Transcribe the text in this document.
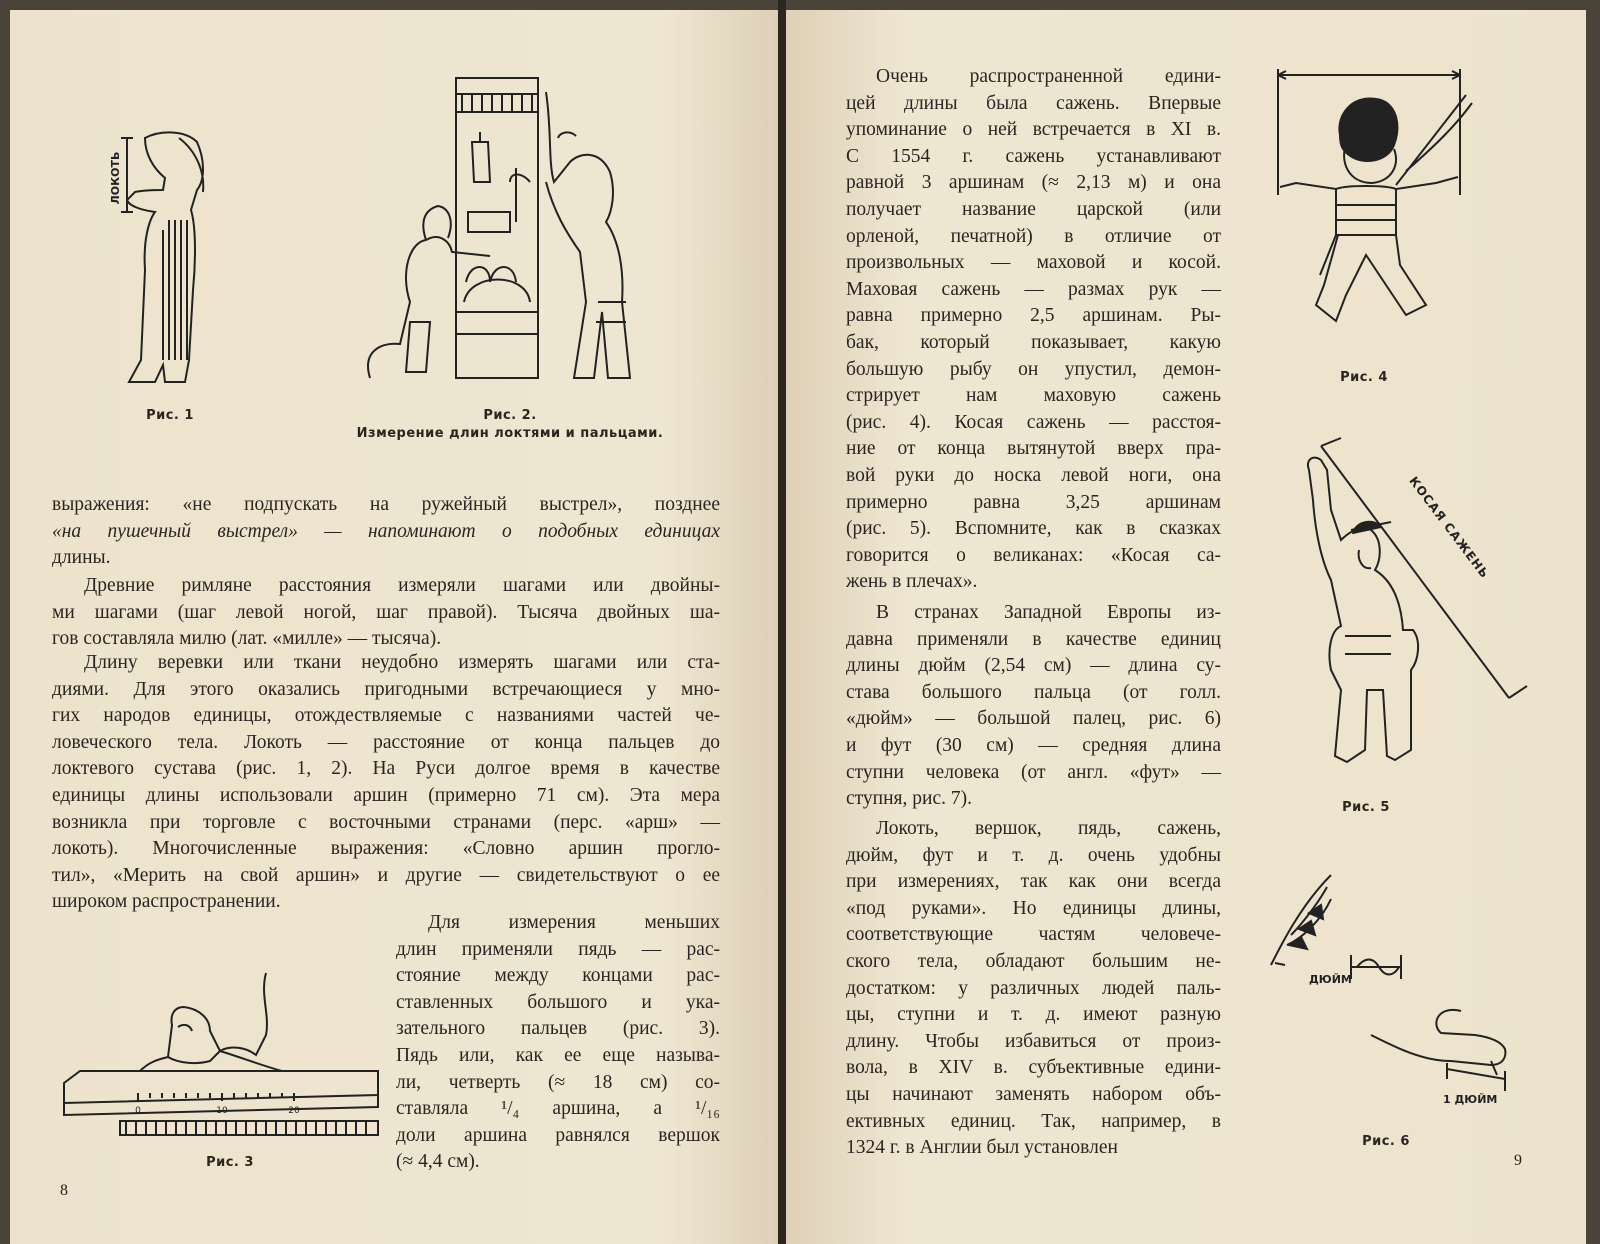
ЛОКОТЬ
Рис. 1	Рис. 2.
Измерение длин локтями и пальцами.
выражения: «не подпускать на ружейный выстрел», позднее
«на пушечный выстрел» — напоминают о подобных единицах
длины.
Древние римляне расстояния измеряли шагами или двойны-
ми шагами (шаг левой ногой, шаг правой). Тысяча двойных ша-
гов составляла милю (лат. «милле» — тысяча).
Длину веревки или ткани неудобно измерять шагами или ста-
диями. Для этого оказались пригодными встречающиеся у мно-
гих народов единицы, отождествляемые с названиями частей че-
ловеческого тела. Локоть — расстояние от конца пальцев до
локтевого сустава (рис. 1, 2). На Руси долгое время в качестве
единицы длины использовали аршин (примерно 71 см). Эта мера
возникла при торговле с восточными странами (перс. «арш» —
локоть). Многочисленные выражения: «Словно аршин прогло-
тил», «Мерить на свой аршин» и другие — свидетельствуют о ее
широком распространении.
Для измерения меньших
длин применяли пядь — рас-
стояние между концами рас-
ставленных большого и ука-
зательного пальцев (рис. 3).
Пядь или, как ее еще называ-
ли, четверть (≈ 18 см) со-
ставляла ¹/₄ аршина, а ¹/₁₆
доли аршина равнялся вершок
(≈ 4,4 см).
0	10	20
Рис. 3
8
Очень распространенной едини-
цей длины была сажень. Впервые
упоминание о ней встречается в XI в.
С 1554 г. сажень устанавливают
равной 3 аршинам (≈ 2,13 м) и она
получает название царской (или
орленой, печатной) в отличие от
произвольных — маховой и косой.
Маховая сажень — размах рук —
равна примерно 2,5 аршинам. Ры-
бак, который показывает, какую
большую рыбу он упустил, демон-
стрирует нам маховую сажень
(рис. 4). Косая сажень — расстоя-
ние от конца вытянутой вверх пра-
вой руки до носка левой ноги, она
примерно равна 3,25 аршинам
(рис. 5). Вспомните, как в сказках
говорится о великанах: «Косая са-
жень в плечах».
В странах Западной Европы из-
давна применяли в качестве единиц
длины дюйм (2,54 см) — длина су-
става большого пальца (от голл.
«дюйм» — большой палец, рис. 6)
и фут (30 см) — средняя длина
ступни человека (от англ. «фут» —
ступня, рис. 7).
Локоть, вершок, пядь, сажень,
дюйм, фут и т. д. очень удобны
при измерениях, так как они всегда
«под руками». Но единицы длины,
соответствующие частям человече-
ского тела, обладают большим не-
достатком: у различных людей паль-
цы, ступни и т. д. имеют разную
длину. Чтобы избавиться от произ-
вола, в XIV в. субъективные едини-
цы начинают заменять набором объ-
ективных единиц. Так, например, в
1324 г. в Англии был установлен
Рис. 4
КОСАЯ САЖЕНЬ
Рис. 5
ДЮЙМ
1 ДЮЙМ
Рис. 6
9
